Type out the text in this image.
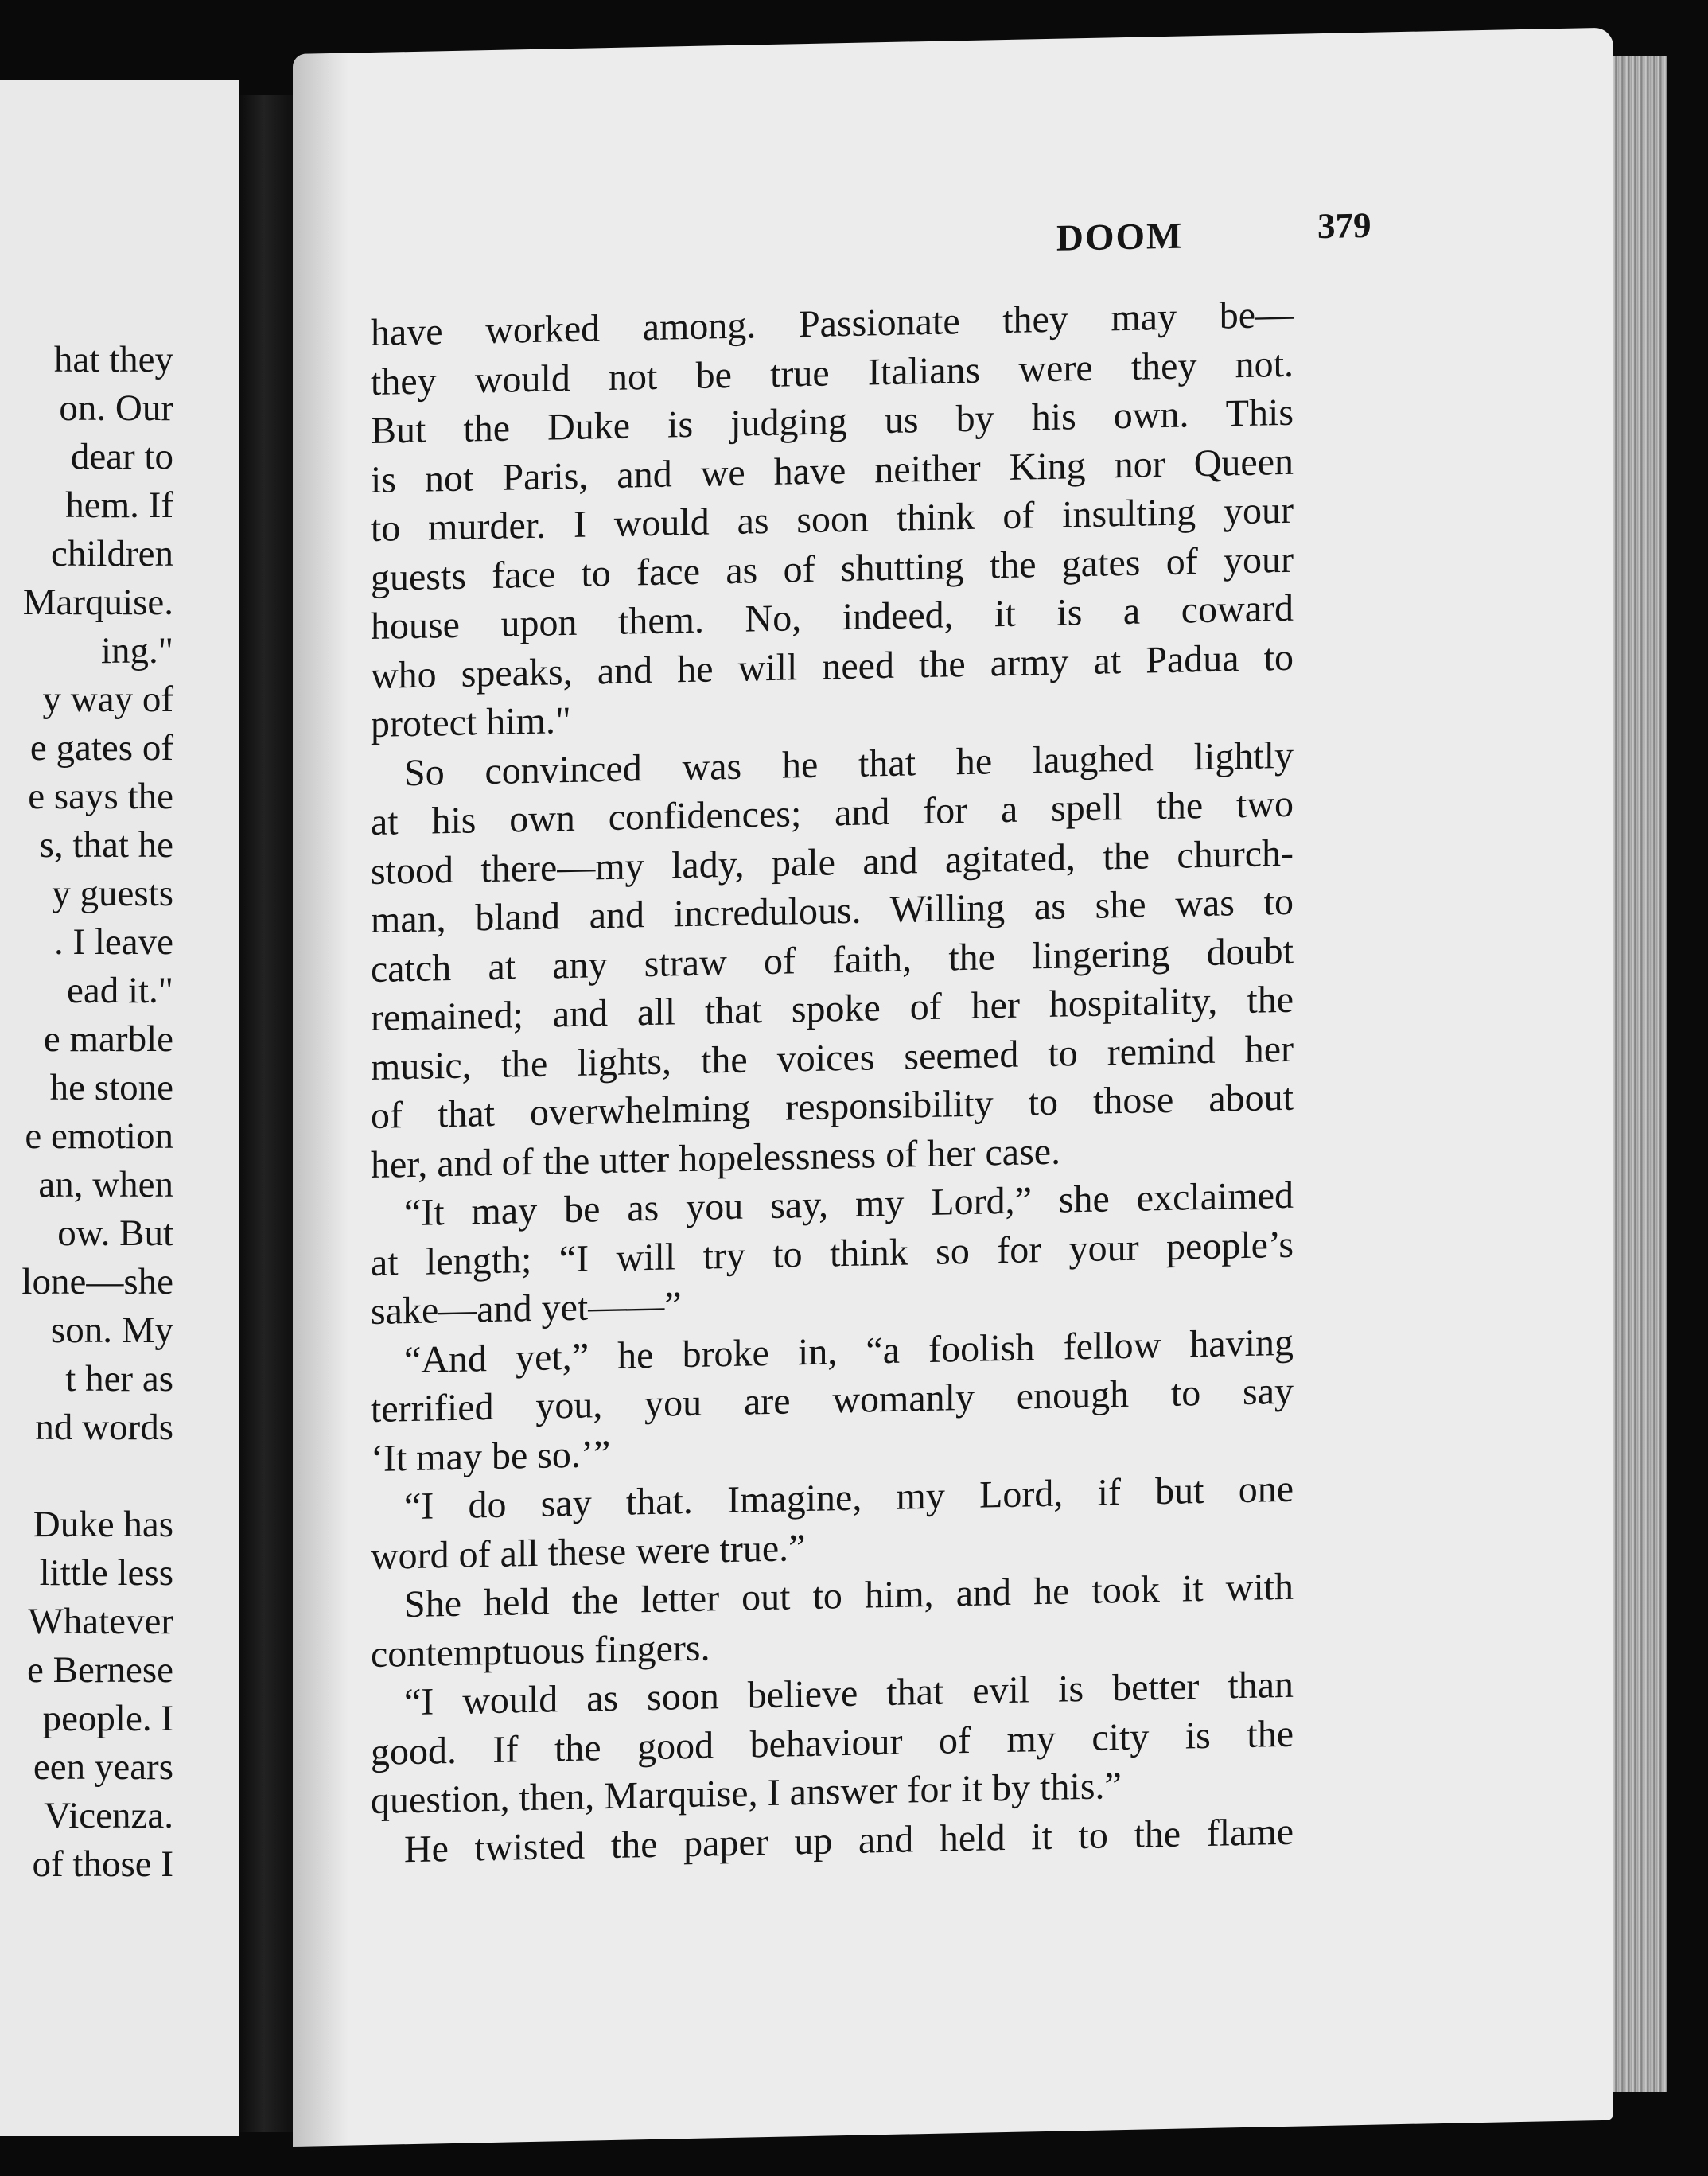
hat they
on. Our
dear to
hem. If
children
Marquise.
ing."
y way of
e gates of
e says the
s, that he
y guests
. I leave
ead it."
e marble
he stone
e emotion
an, when
ow. But
lone—she
son. My
t her as
nd words
Duke has
little less
Whatever
e Bernese
people. I
een years
Vicenza.
of those I
DOOM	379
have worked among. Passionate they may be—
they would not be true Italians were they not.
But the Duke is judging us by his own. This
is not Paris, and we have neither King nor Queen
to murder. I would as soon think of insulting your
guests face to face as of shutting the gates of your
house upon them. No, indeed, it is a coward
who speaks, and he will need the army at Padua to
protect him."
So convinced was he that he laughed lightly
at his own confidences; and for a spell the two
stood there—my lady, pale and agitated, the church-
man, bland and incredulous. Willing as she was to
catch at any straw of faith, the lingering doubt
remained; and all that spoke of her hospitality, the
music, the lights, the voices seemed to remind her
of that overwhelming responsibility to those about
her, and of the utter hopelessness of her case.
“It may be as you say, my Lord,” she exclaimed
at length; “I will try to think so for your people’s
sake—and yet——”
“And yet,” he broke in, “a foolish fellow having
terrified you, you are womanly enough to say
‘It may be so.’”
“I do say that. Imagine, my Lord, if but one
word of all these were true.”
She held the letter out to him, and he took it with
contemptuous fingers.
“I would as soon believe that evil is better than
good. If the good behaviour of my city is the
question, then, Marquise, I answer for it by this.”
He twisted the paper up and held it to the flame
